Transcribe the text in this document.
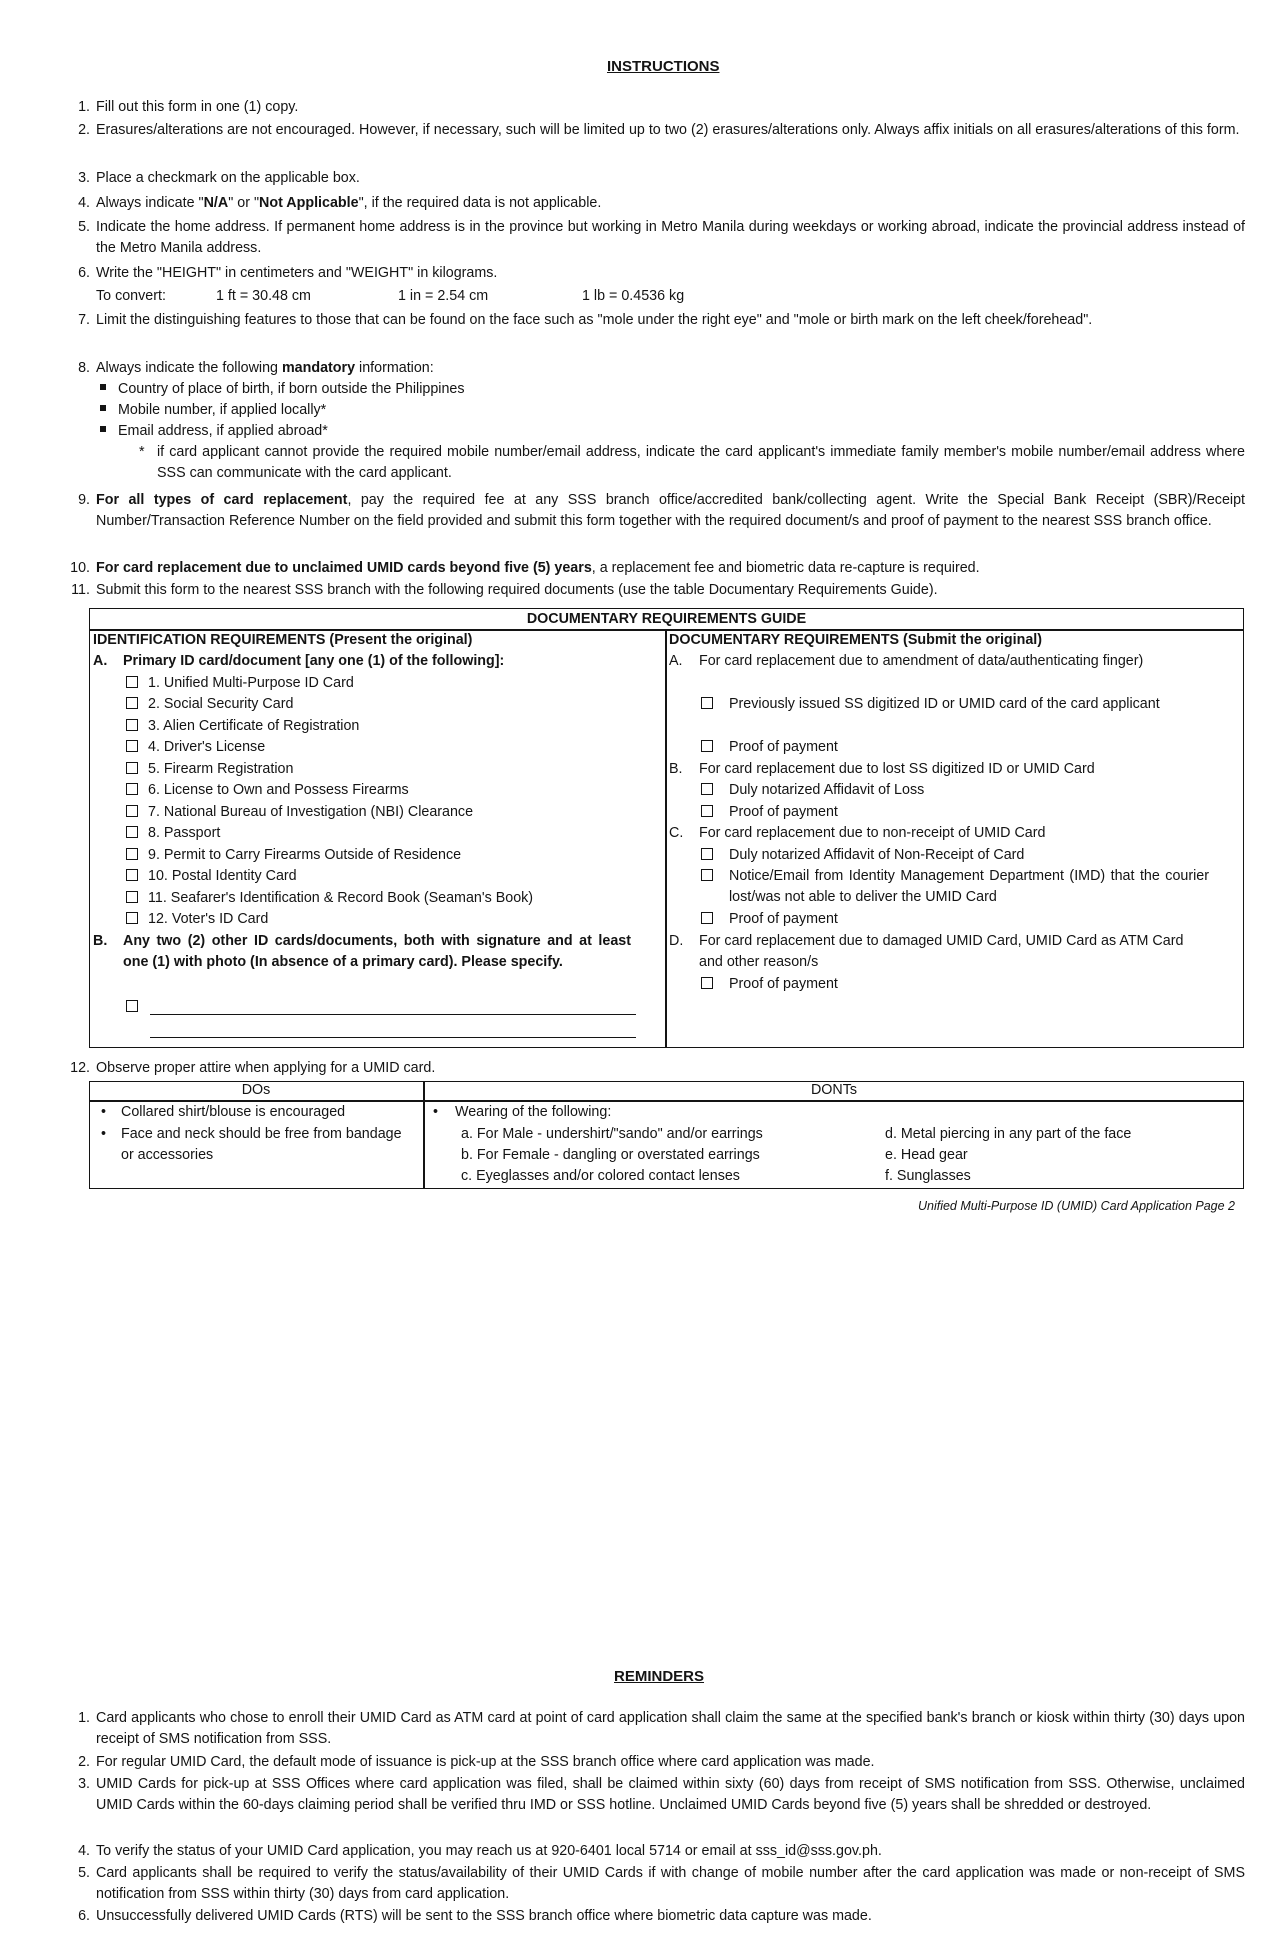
INSTRUCTIONS
1. Fill out this form in one (1) copy.
2. Erasures/alterations are not encouraged. However, if necessary, such will be limited up to two (2) erasures/alterations only. Always affix initials on all erasures/alterations of this form.
3. Place a checkmark on the applicable box.
4. Always indicate "N/A" or "Not Applicable", if the required data is not applicable.
5. Indicate the home address. If permanent home address is in the province but working in Metro Manila during weekdays or working abroad, indicate the provincial address instead of the Metro Manila address.
6. Write the "HEIGHT" in centimeters and "WEIGHT" in kilograms.
To convert:	1 ft = 30.48 cm	1 in = 2.54 cm	1 lb = 0.4536 kg
7. Limit the distinguishing features to those that can be found on the face such as "mole under the right eye" and "mole or birth mark on the left cheek/forehead".
8. Always indicate the following mandatory information:
Country of place of birth, if born outside the Philippines
Mobile number, if applied locally*
Email address, if applied abroad*
* if card applicant cannot provide the required mobile number/email address, indicate the card applicant's immediate family member's mobile number/email address where SSS can communicate with the card applicant.
9. For all types of card replacement, pay the required fee at any SSS branch office/accredited bank/collecting agent. Write the Special Bank Receipt (SBR)/Receipt Number/Transaction Reference Number on the field provided and submit this form together with the required document/s and proof of payment to the nearest SSS branch office.
10. For card replacement due to unclaimed UMID cards beyond five (5) years, a replacement fee and biometric data re-capture is required.
11. Submit this form to the nearest SSS branch with the following required documents (use the table Documentary Requirements Guide).
DOCUMENTARY REQUIREMENTS GUIDE
IDENTIFICATION REQUIREMENTS (Present the original)
A. Primary ID card/document [any one (1) of the following]:
1. Unified Multi-Purpose ID Card
2. Social Security Card
3. Alien Certificate of Registration
4. Driver's License
5. Firearm Registration
6. License to Own and Possess Firearms
7. National Bureau of Investigation (NBI) Clearance
8. Passport
9. Permit to Carry Firearms Outside of Residence
10. Postal Identity Card
11. Seafarer's Identification & Record Book (Seaman's Book)
12. Voter's ID Card
B. Any two (2) other ID cards/documents, both with signature and at least one (1) with photo (In absence of a primary card). Please specify.
DOCUMENTARY REQUIREMENTS (Submit the original)
A. For card replacement due to amendment of data/authenticating finger)
Previously issued SS digitized ID or UMID card of the card applicant
Proof of payment
B. For card replacement due to lost SS digitized ID or UMID Card
Duly notarized Affidavit of Loss
Proof of payment
C. For card replacement due to non-receipt of UMID Card
Duly notarized Affidavit of Non-Receipt of Card
Notice/Email from Identity Management Department (IMD) that the courier lost/was not able to deliver the UMID Card
Proof of payment
D. For card replacement due to damaged UMID Card, UMID Card as ATM Card and other reason/s
Proof of payment
12. Observe proper attire when applying for a UMID card.
DOs	DONTs
• Collared shirt/blouse is encouraged
• Face and neck should be free from bandage or accessories
• Wearing of the following:
a. For Male - undershirt/"sando" and/or earrings
b. For Female - dangling or overstated earrings
c. Eyeglasses and/or colored contact lenses
d. Metal piercing in any part of the face
e. Head gear
f. Sunglasses
Unified Multi-Purpose ID (UMID) Card Application Page 2
REMINDERS
1. Card applicants who chose to enroll their UMID Card as ATM card at point of card application shall claim the same at the specified bank's branch or kiosk within thirty (30) days upon receipt of SMS notification from SSS.
2. For regular UMID Card, the default mode of issuance is pick-up at the SSS branch office where card application was made.
3. UMID Cards for pick-up at SSS Offices where card application was filed, shall be claimed within sixty (60) days from receipt of SMS notification from SSS. Otherwise, unclaimed UMID Cards within the 60-days claiming period shall be verified thru IMD or SSS hotline. Unclaimed UMID Cards beyond five (5) years shall be shredded or destroyed.
4. To verify the status of your UMID Card application, you may reach us at 920-6401 local 5714 or email at sss_id@sss.gov.ph.
5. Card applicants shall be required to verify the status/availability of their UMID Cards if with change of mobile number after the card application was made or non-receipt of SMS notification from SSS within thirty (30) days from card application.
6. Unsuccessfully delivered UMID Cards (RTS) will be sent to the SSS branch office where biometric data capture was made.
